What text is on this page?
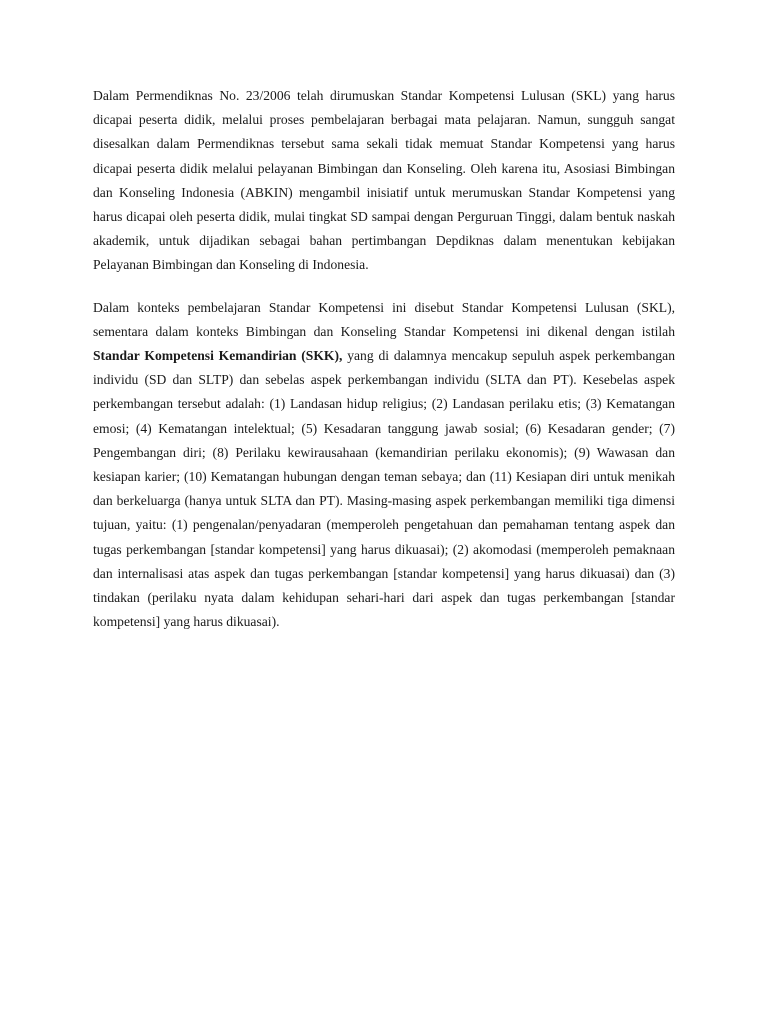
Dalam Permendiknas No. 23/2006 telah dirumuskan Standar Kompetensi Lulusan (SKL) yang harus dicapai peserta didik, melalui proses pembelajaran berbagai mata pelajaran. Namun, sungguh sangat disesalkan dalam Permendiknas tersebut sama sekali tidak memuat Standar Kompetensi yang harus dicapai peserta didik melalui pelayanan Bimbingan dan Konseling. Oleh karena itu, Asosiasi Bimbingan dan Konseling Indonesia (ABKIN) mengambil inisiatif untuk merumuskan Standar Kompetensi yang harus dicapai oleh peserta didik, mulai tingkat SD sampai dengan Perguruan Tinggi, dalam bentuk naskah akademik, untuk dijadikan sebagai bahan pertimbangan Depdiknas dalam menentukan kebijakan Pelayanan Bimbingan dan Konseling di Indonesia.

Dalam konteks pembelajaran Standar Kompetensi ini disebut Standar Kompetensi Lulusan (SKL), sementara dalam konteks Bimbingan dan Konseling Standar Kompetensi ini dikenal dengan istilah Standar Kompetensi Kemandirian (SKK), yang di dalamnya mencakup sepuluh aspek perkembangan individu (SD dan SLTP) dan sebelas aspek perkembangan individu (SLTA dan PT). Kesebelas aspek perkembangan tersebut adalah: (1) Landasan hidup religius; (2) Landasan perilaku etis; (3) Kematangan emosi; (4) Kematangan intelektual; (5) Kesadaran tanggung jawab sosial; (6) Kesadaran gender; (7) Pengembangan diri; (8) Perilaku kewirausahaan (kemandirian perilaku ekonomis); (9) Wawasan dan kesiapan karier; (10) Kematangan hubungan dengan teman sebaya; dan (11) Kesiapan diri untuk menikah dan berkeluarga (hanya untuk SLTA dan PT). Masing-masing aspek perkembangan memiliki tiga dimensi tujuan, yaitu: (1) pengenalan/penyadaran (memperoleh pengetahuan dan pemahaman tentang aspek dan tugas perkembangan [standar kompetensi] yang harus dikuasai); (2) akomodasi (memperoleh pemaknaan dan internalisasi atas aspek dan tugas perkembangan [standar kompetensi] yang harus dikuasai) dan (3) tindakan (perilaku nyata dalam kehidupan sehari-hari dari aspek dan tugas perkembangan [standar kompetensi] yang harus dikuasai).
